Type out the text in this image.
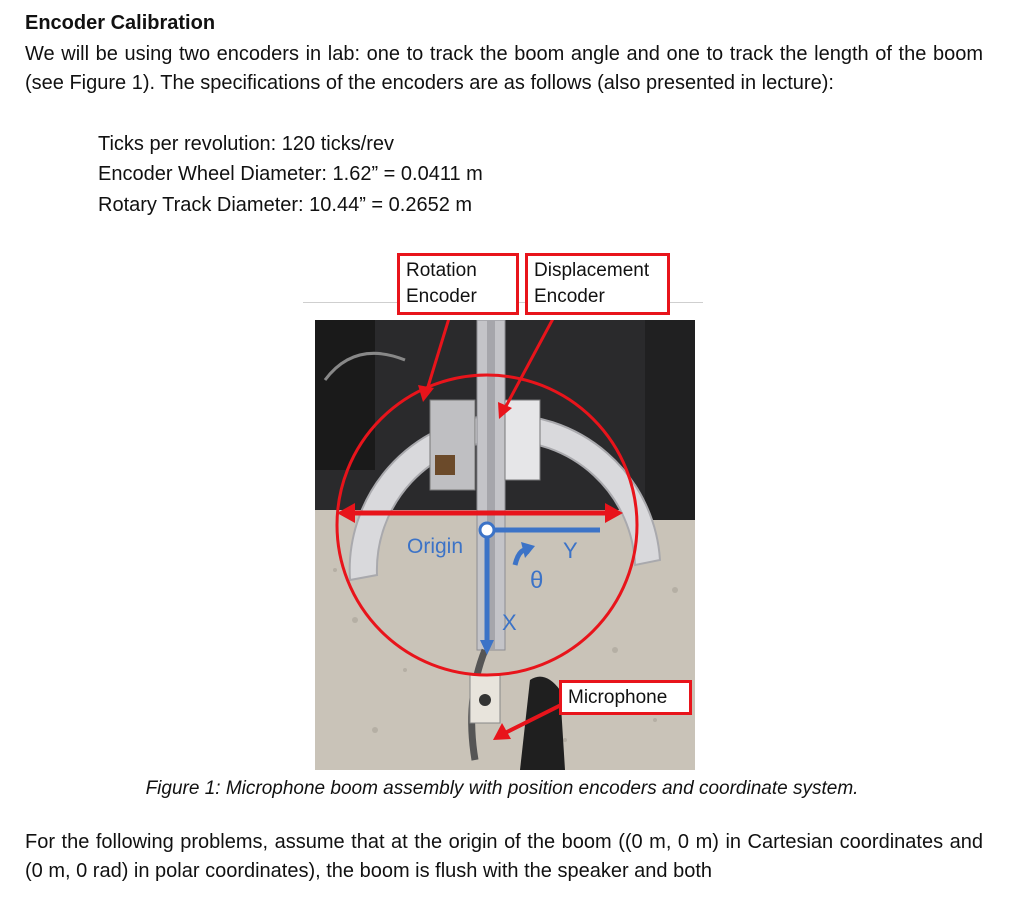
Encoder Calibration
We will be using two encoders in lab: one to track the boom angle and one to track the length of the boom (see Figure 1). The specifications of the encoders are as follows (also presented in lecture):
Ticks per revolution: 120 ticks/rev
Encoder Wheel Diameter: 1.62” = 0.0411 m
Rotary Track Diameter: 10.44” = 0.2652 m
Origin	Y
θ
X
Rotation
Encoder
Displacement
Encoder
Microphone
Figure 1: Microphone boom assembly with position encoders and coordinate system.
For the following problems, assume that at the origin of the boom ((0 m, 0 m) in Cartesian coordinates and (0 m, 0 rad) in polar coordinates), the boom is flush with the speaker and both
